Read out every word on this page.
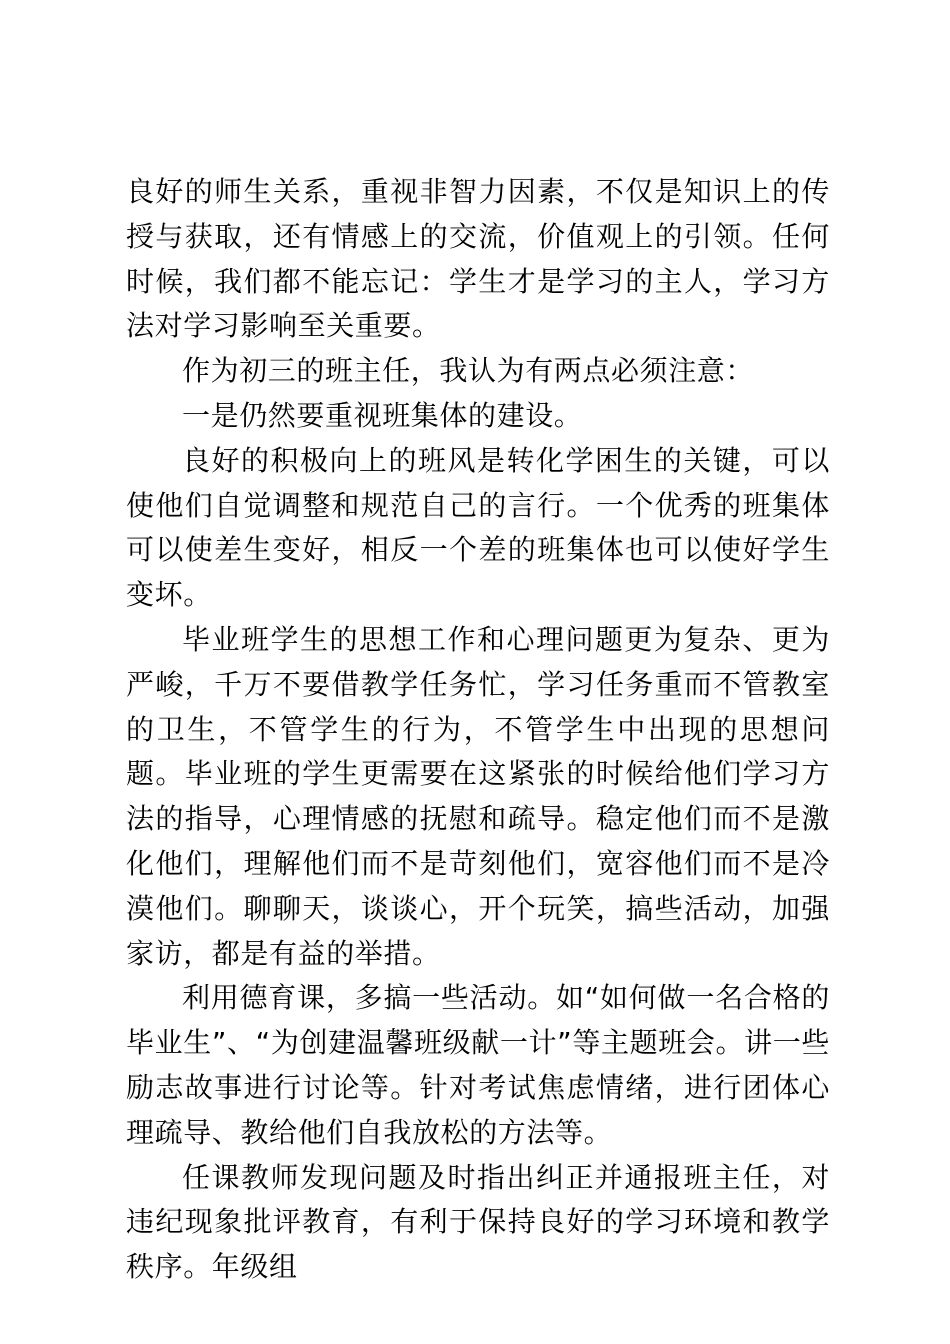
良好的师生关系，重视非智力因素，不仅是知识上的传授与获取，还有情感上的交流，价值观上的引领。任何时候，我们都不能忘记：学生才是学习的主人，学习方法对学习影响至关重要。

作为初三的班主任，我认为有两点必须注意：

一是仍然要重视班集体的建设。

良好的积极向上的班风是转化学困生的关键，可以使他们自觉调整和规范自己的言行。一个优秀的班集体可以使差生变好，相反一个差的班集体也可以使好学生变坏。

毕业班学生的思想工作和心理问题更为复杂、更为严峻，千万不要借教学任务忙，学习任务重而不管教室的卫生，不管学生的行为，不管学生中出现的思想问题。毕业班的学生更需要在这紧张的时候给他们学习方法的指导，心理情感的抚慰和疏导。稳定他们而不是激化他们，理解他们而不是苛刻他们，宽容他们而不是冷漠他们。聊聊天，谈谈心，开个玩笑，搞些活动，加强家访，都是有益的举措。

利用德育课，多搞一些活动。如“如何做一名合格的毕业生”、“为创建温馨班级献一计”等主题班会。讲一些励志故事进行讨论等。针对考试焦虑情绪，进行团体心理疏导、教给他们自我放松的方法等。

任课教师发现问题及时指出纠正并通报班主任，对违纪现象批评教育，有利于保持良好的学习环境和教学秩序。年级组
